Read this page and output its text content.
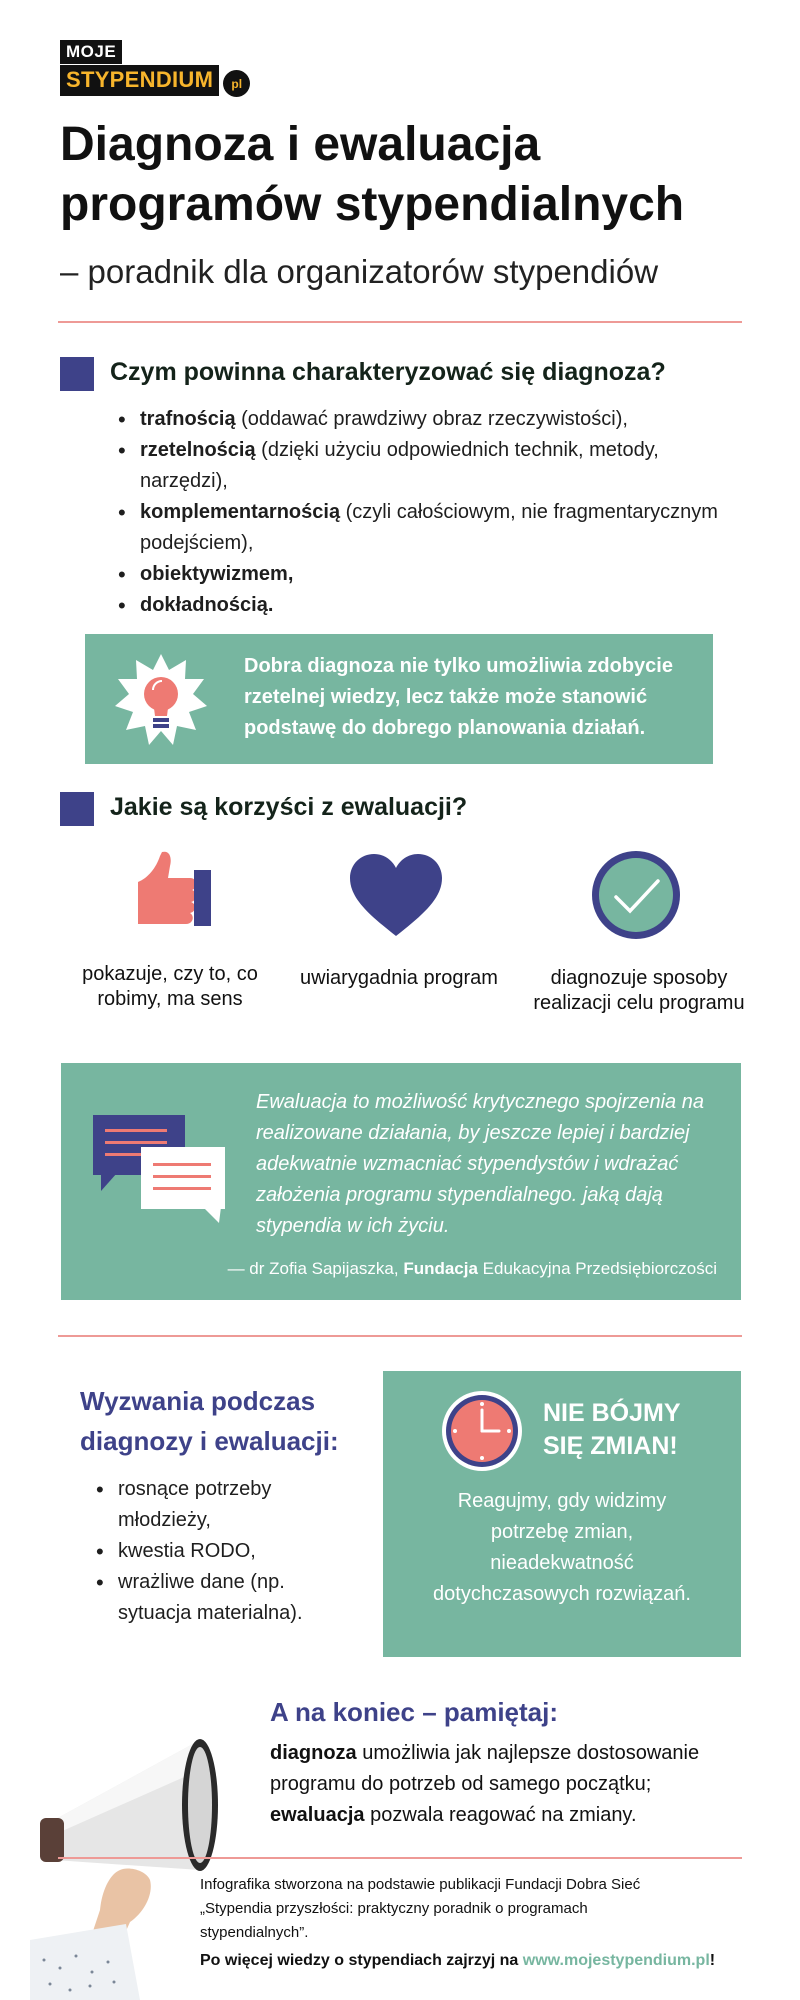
MOJE
STYPENDIUM	pl
Diagnoza i ewaluacja programów stypendialnych
– poradnik dla organizatorów stypendiów
Czym powinna charakteryzować się diagnoza?
• trafnością (oddawać prawdziwy obraz rzeczywistości),
• rzetelnością (dzięki użyciu odpowiednich technik, metody, narzędzi),
• komplementarnością (czyli całościowym, nie fragmentarycznym podejściem),
• obiektywizmem,
• dokładnością.

Dobra diagnoza nie tylko umożliwia zdobycie rzetelnej wiedzy, lecz także może stanowić podstawę do dobrego planowania działań.

Jakie są korzyści z ewaluacji?
pokazuje, czy to, co robimy, ma sens
uwiarygadnia program	diagnozuje sposoby realizacji celu programu

Ewaluacja to możliwość krytycznego spojrzenia na realizowane działania, by jeszcze lepiej i bardziej adekwatnie wzmacniać stypendystów i wdrażać założenia programu stypendialnego. jaką dają stypendia w ich życiu.

— dr Zofia Sapijaszka, Fundacja Edukacyjna Przedsiębiorczości
Wyzwania podczas diagnozy i ewaluacji:
• rosnące potrzeby młodzieży,
• kwestia RODO,
• wrażliwe dane (np. sytuacja materialna).
NIE BÓJMY SIĘ ZMIAN!

Reagujmy, gdy widzimy potrzebę zmian, nieadekwatność dotychczasowych rozwiązań.

A na koniec – pamiętaj:

diagnoza umożliwia jak najlepsze dostosowanie programu do potrzeb od samego początku;
ewaluacja pozwala reagować na zmiany.

Infografika stworzona na podstawie publikacji Fundacji Dobra Sieć „Stypendia przyszłości: praktyczny poradnik o programach stypendialnych”.

Po więcej wiedzy o stypendiach zajrzyj na www.mojestypendium.pl!
